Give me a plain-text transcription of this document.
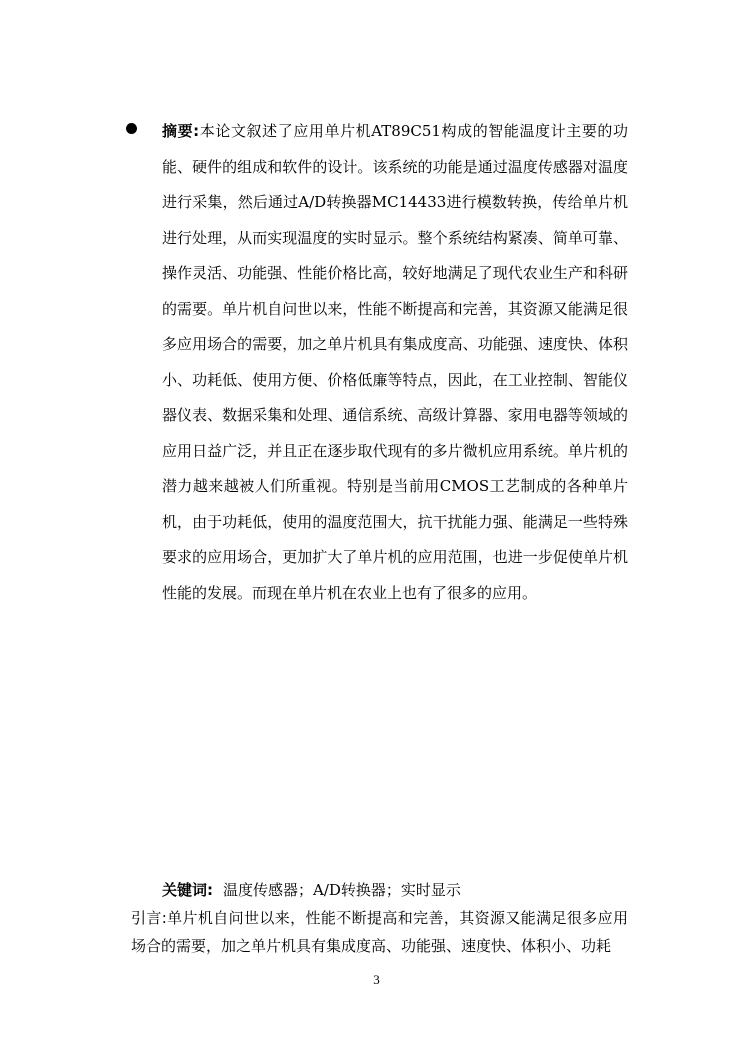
摘要:本论文叙述了应用单片机AT89C51构成的智能温度计主要的功能、硬件的组成和软件的设计。该系统的功能是通过温度传感器对温度进行采集，然后通过A/D转换器MC14433进行模数转换，传给单片机进行处理，从而实现温度的实时显示。整个系统结构紧凑、简单可靠、操作灵活、功能强、性能价格比高，较好地满足了现代农业生产和科研的需要。单片机自问世以来，性能不断提高和完善，其资源又能满足很多应用场合的需要，加之单片机具有集成度高、功能强、速度快、体积小、功耗低、使用方便、价格低廉等特点，因此，在工业控制、智能仪器仪表、数据采集和处理、通信系统、高级计算器、家用电器等领域的应用日益广泛，并且正在逐步取代现有的多片微机应用系统。单片机的潜力越来越被人们所重视。特别是当前用CMOS工艺制成的各种单片机，由于功耗低，使用的温度范围大，抗干扰能力强、能满足一些特殊要求的应用场合，更加扩大了单片机的应用范围，也进一步促使单片机性能的发展。而现在单片机在农业上也有了很多的应用。

关键词: 温度传感器；A/D转换器；实时显示

引言:单片机自问世以来，性能不断提高和完善，其资源又能满足很多应用场合的需要，加之单片机具有集成度高、功能强、速度快、体积小、功耗

3
